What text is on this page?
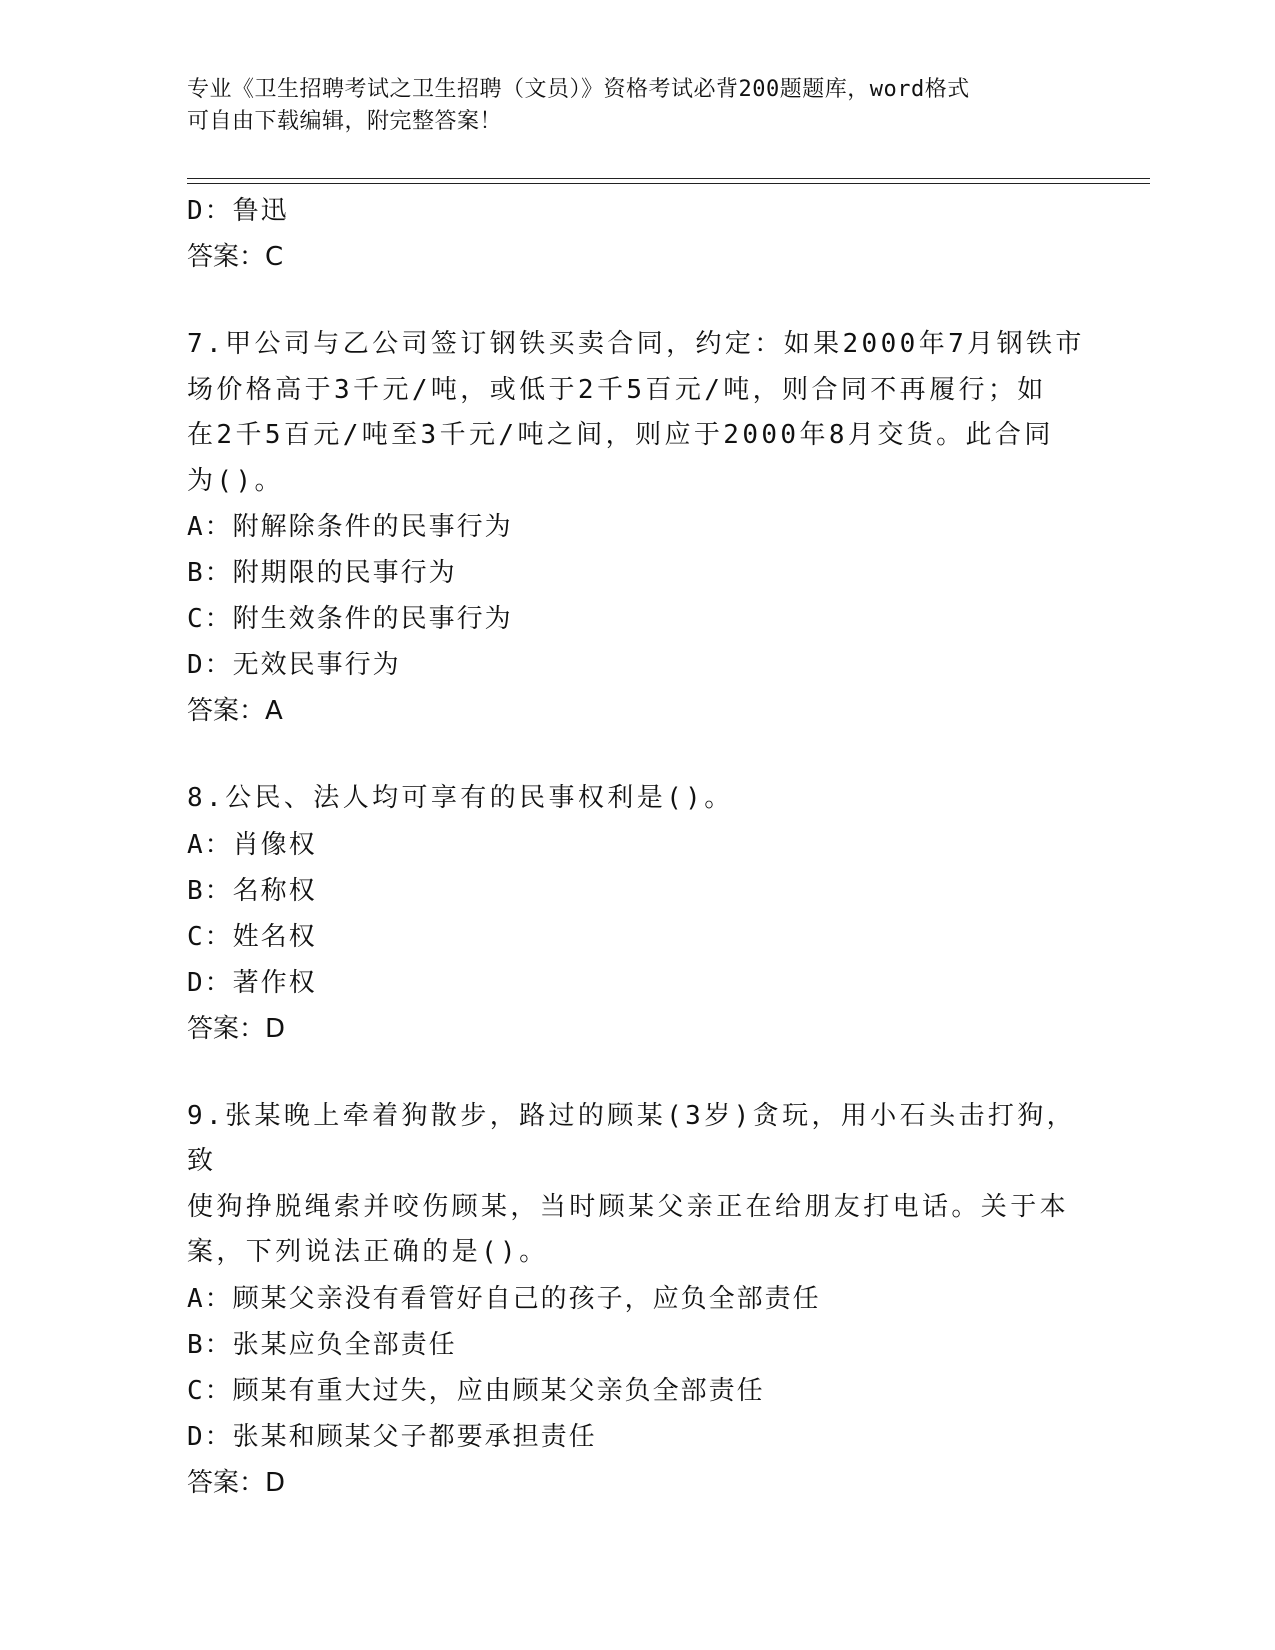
专业《卫生招聘考试之卫生招聘（文员）》资格考试必背200题题库，word格式
可自由下载编辑，附完整答案！
D：鲁迅
答案：C
7.甲公司与乙公司签订钢铁买卖合同，约定：如果2000年7月钢铁市
场价格高于3千元/吨，或低于2千5百元/吨，则合同不再履行；如
在2千5百元/吨至3千元/吨之间，则应于2000年8月交货。此合同
为()。
A：附解除条件的民事行为
B：附期限的民事行为
C：附生效条件的民事行为
D：无效民事行为
答案：A
8.公民、法人均可享有的民事权利是()。
A：肖像权
B：名称权
C：姓名权
D：著作权
答案：D
9.张某晚上牵着狗散步，路过的顾某(3岁)贪玩，用小石头击打狗，致
使狗挣脱绳索并咬伤顾某，当时顾某父亲正在给朋友打电话。关于本
案，下列说法正确的是()。
A：顾某父亲没有看管好自己的孩子，应负全部责任
B：张某应负全部责任
C：顾某有重大过失，应由顾某父亲负全部责任
D：张某和顾某父子都要承担责任
答案：D
